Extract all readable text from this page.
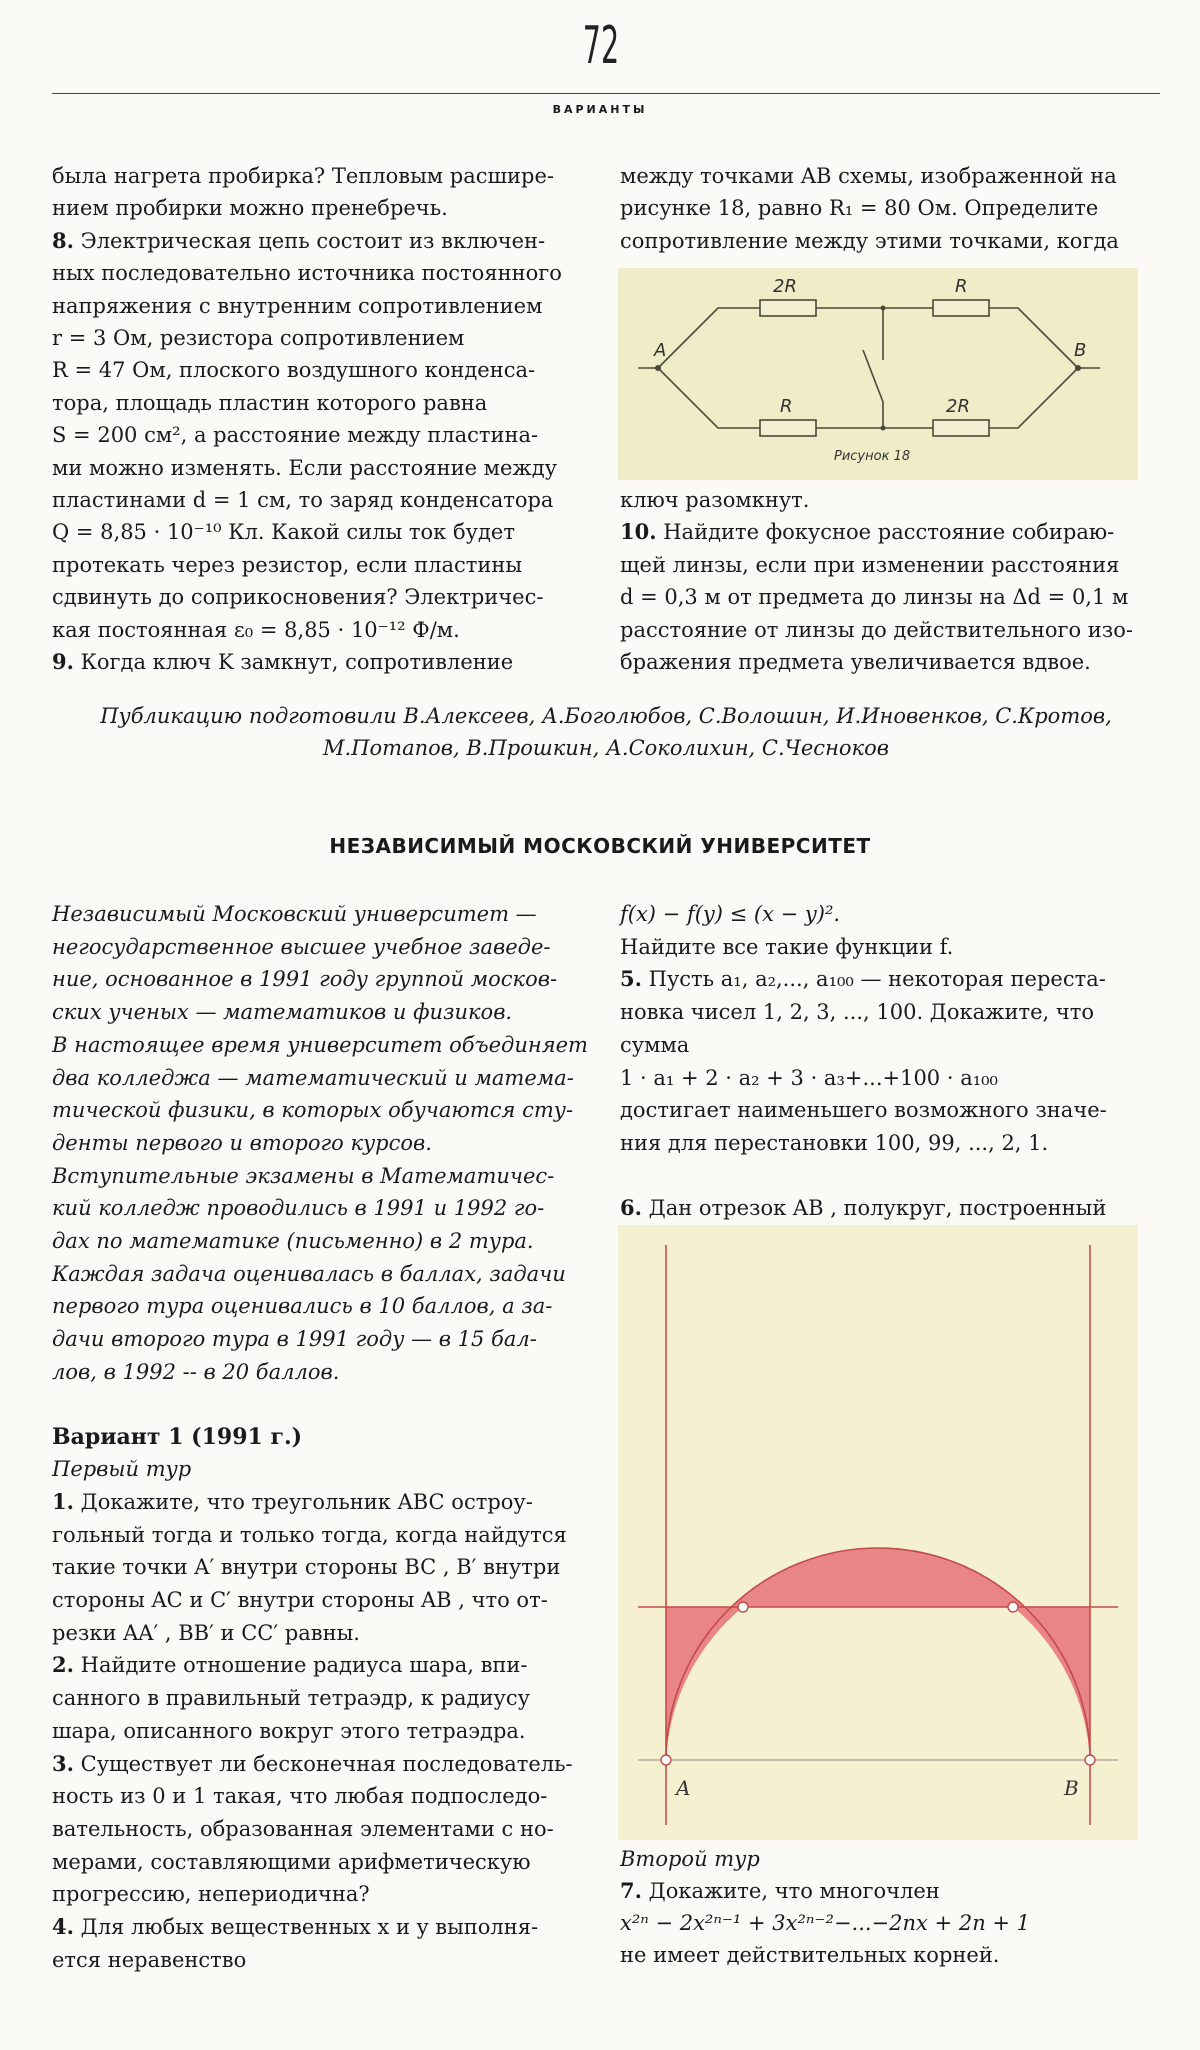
72
ВАРИАНТЫ

была нагрета пробирка? Тепловым расшире-

нием пробирки можно пренебречь.

8. Электрическая цепь состоит из включен-

ных последовательно источника постоянного

напряжения с внутренним сопротивлением

r = 3 Ом, резистора сопротивлением

R = 47 Ом, плоского воздушного конденса-

тора, площадь пластин которого равна

S = 200 см², а расстояние между пластина-

ми можно изменять. Если расстояние между

пластинами d = 1 см, то заряд конденсатора

Q = 8,85 · 10⁻¹⁰ Кл. Какой силы ток будет

протекать через резистор, если пластины

сдвинуть до соприкосновения? Электричес-

кая постоянная ε₀ = 8,85 · 10⁻¹² Ф/м.

9. Когда ключ K замкнут, сопротивление

между точками AB схемы, изображенной на

рисунке 18, равно R₁ = 80 Ом. Определите

сопротивление между этими точками, когда

2R	R
R	2R
A	B
Рисунок 18

ключ разомкнут.

10. Найдите фокусное расстояние собираю-

щей линзы, если при изменении расстояния

d = 0,3 м от предмета до линзы на Δd = 0,1 м

расстояние от линзы до действительного изо-

бражения предмета увеличивается вдвое.

Публикацию подготовили В.Алексеев, А.Боголюбов, С.Волошин, И.Иновенков, С.Кротов,
М.Потапов, В.Прошкин, А.Соколихин, С.Чесноков
НЕЗАВИСИМЫЙ МОСКОВСКИЙ УНИВЕРСИТЕТ

Независимый Московский университет —

негосударственное высшее учебное заведе-

ние, основанное в 1991 году группой москов-

ских ученых — математиков и физиков.

В настоящее время университет объединяет

два колледжа — математический и матема-

тической физики, в которых обучаются сту-

денты первого и второго курсов.

Вступительные экзамены в Математичес-

кий колледж проводились в 1991 и 1992 го-

дах по математике (письменно) в 2 тура.

Каждая задача оценивалась в баллах, задачи

первого тура оценивались в 10 баллов, а за-

дачи второго тура в 1991 году — в 15 бал-

лов, в 1992 -- в 20 баллов.

Вариант 1 (1991 г.)

Первый тур

1. Докажите, что треугольник ABC остроу-

гольный тогда и только тогда, когда найдутся

такие точки A′ внутри стороны BC , B′ внутри

стороны AC и C′ внутри стороны AB , что от-

резки AA′ , BB′ и CC′ равны.

2. Найдите отношение радиуса шара, впи-

санного в правильный тетраэдр, к радиусу

шара, описанного вокруг этого тетраэдра.

3. Существует ли бесконечная последователь-

ность из 0 и 1 такая, что любая подпоследо-

вательность, образованная элементами с но-

мерами, составляющими арифметическую

прогрессию, непериодична?

4. Для любых вещественных x и y выполня-

ется неравенство

f(x) − f(y) ≤ (x − y)².

Найдите все такие функции f.

5. Пусть a₁, a₂,..., a₁₀₀ — некоторая переста-

новка чисел 1, 2, 3, ..., 100. Докажите, что

сумма

1 · a₁ + 2 · a₂ + 3 · a₃+...+100 · a₁₀₀

достигает наименьшего возможного значе-

ния для перестановки 100, 99, ..., 2, 1.

6. Дан отрезок AB , полукруг, построенный

A	B

Второй тур

7. Докажите, что многочлен

x²ⁿ − 2x²ⁿ⁻¹ + 3x²ⁿ⁻²−...−2nx + 2n + 1

не имеет действительных корней.
